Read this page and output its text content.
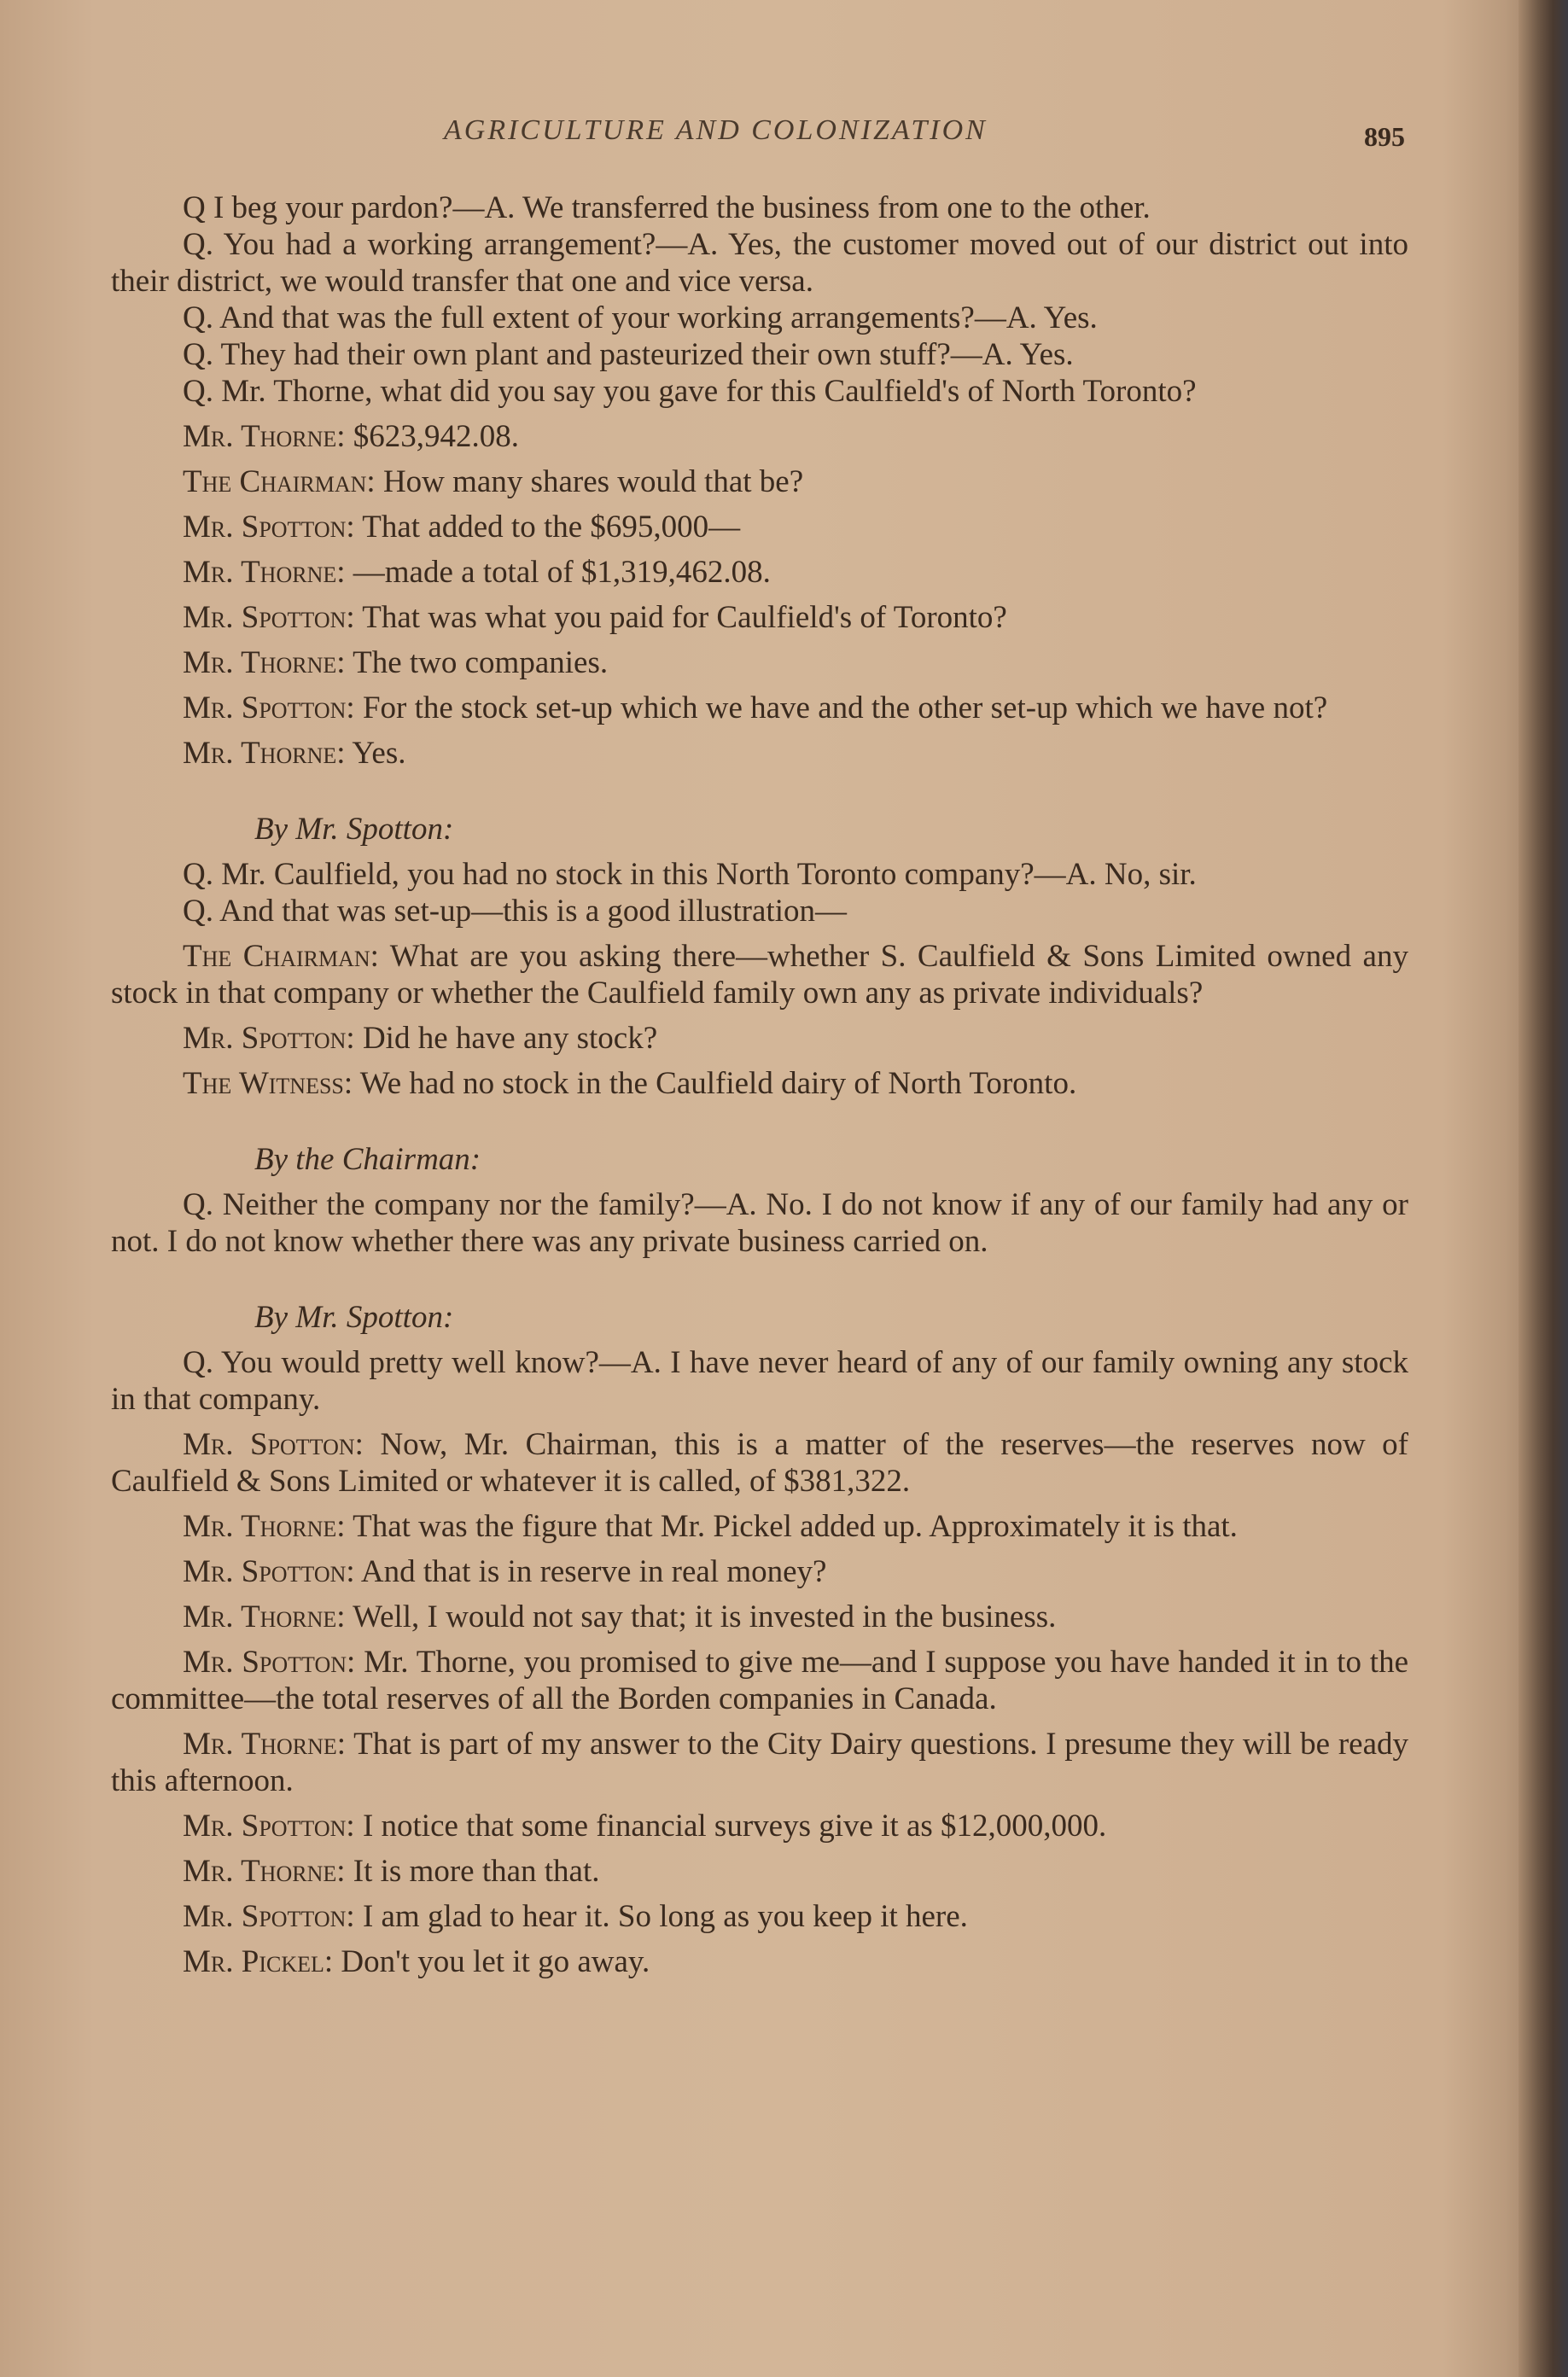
AGRICULTURE AND COLONIZATION	895

Q I beg your pardon?—A. We transferred the business from one to the other.

Q. You had a working arrangement?—A. Yes, the customer moved out of our district out into their district, we would transfer that one and vice versa.

Q. And that was the full extent of your working arrangements?—A. Yes.

Q. They had their own plant and pasteurized their own stuff?—A. Yes.

Q. Mr. Thorne, what did you say you gave for this Caulfield's of North Toronto?

Mr. Thorne: $623,942.08.

The Chairman: How many shares would that be?

Mr. Spotton: That added to the $695,000—

Mr. Thorne: —made a total of $1,319,462.08.

Mr. Spotton: That was what you paid for Caulfield's of Toronto?

Mr. Thorne: The two companies.

Mr. Spotton: For the stock set-up which we have and the other set-up which we have not?

Mr. Thorne: Yes.

By Mr. Spotton:

Q. Mr. Caulfield, you had no stock in this North Toronto company?—A. No, sir.

Q. And that was set-up—this is a good illustration—

The Chairman: What are you asking there—whether S. Caulfield & Sons Limited owned any stock in that company or whether the Caulfield family own any as private individuals?

Mr. Spotton: Did he have any stock?

The Witness: We had no stock in the Caulfield dairy of North Toronto.

By the Chairman:

Q. Neither the company nor the family?—A. No. I do not know if any of our family had any or not. I do not know whether there was any private business carried on.

By Mr. Spotton:

Q. You would pretty well know?—A. I have never heard of any of our family owning any stock in that company.

Mr. Spotton: Now, Mr. Chairman, this is a matter of the reserves—the reserves now of Caulfield & Sons Limited or whatever it is called, of $381,322.

Mr. Thorne: That was the figure that Mr. Pickel added up. Approximately it is that.

Mr. Spotton: And that is in reserve in real money?

Mr. Thorne: Well, I would not say that; it is invested in the business.

Mr. Spotton: Mr. Thorne, you promised to give me—and I suppose you have handed it in to the committee—the total reserves of all the Borden companies in Canada.

Mr. Thorne: That is part of my answer to the City Dairy questions. I presume they will be ready this afternoon.

Mr. Spotton: I notice that some financial surveys give it as $12,000,000.

Mr. Thorne: It is more than that.

Mr. Spotton: I am glad to hear it. So long as you keep it here.

Mr. Pickel: Don't you let it go away.
